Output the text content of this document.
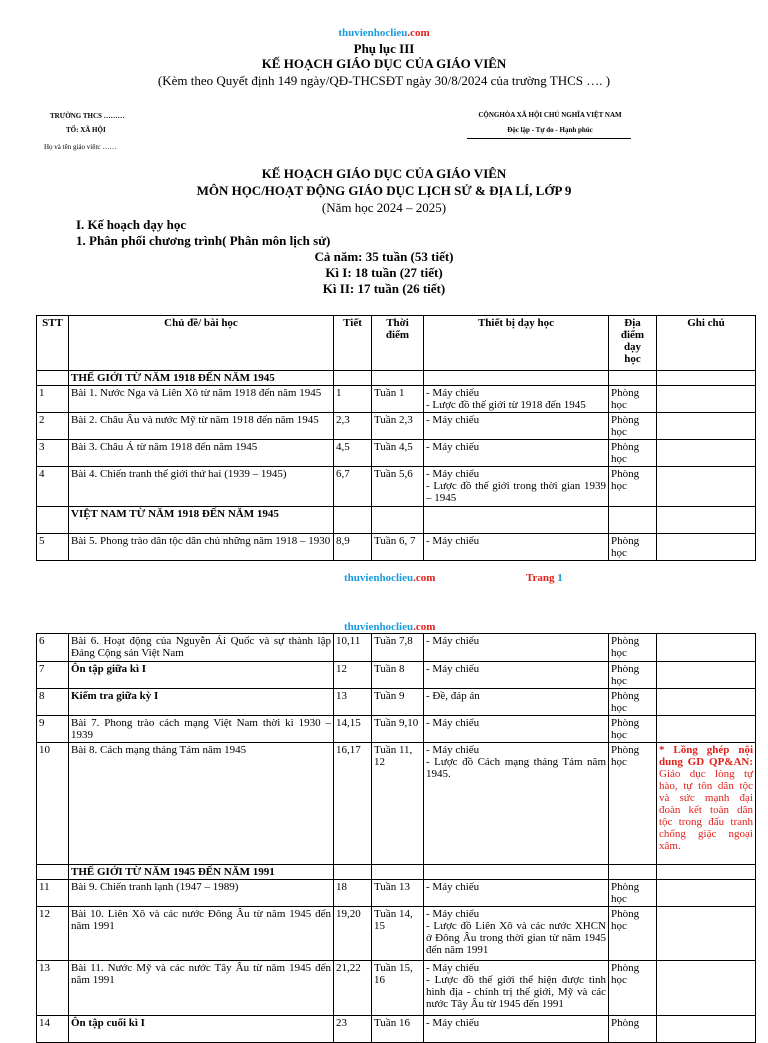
thuvienhoclieu.com
Phụ lục III
KẾ HOẠCH GIÁO DỤC CỦA GIÁO VIÊN
(Kèm theo Quyết định 149 ngày/QĐ-THCSĐT ngày 30/8/2024 của trường THCS …. )
TRƯỜNG THCS ………
TỔ: XÃ HỘI
Họ và tên giáo viên: ……
CỘNGHÒA XÃ HỘI CHỦ NGHĨA VIỆT NAM
Độc lập - Tự do - Hạnh phúc
KẾ HOẠCH GIÁO DỤC CỦA GIÁO VIÊN
MÔN HỌC/HOẠT ĐỘNG GIÁO DỤC LỊCH SỬ & ĐỊA LÍ, LỚP 9
(Năm học 2024 – 2025)
I. Kế hoạch dạy học
1. Phân phối chương trình( Phân môn lịch sử)
Cả năm: 35 tuần (53 tiết)
Kì I: 18 tuần (27 tiết)
Kì II: 17 tuần (26 tiết)
STT	Chủ đề/ bài học	Tiết	Thời
điểm	Thiết bị dạy học	Địa
điểm
dạy
học	Ghi chú
	THẾ GIỚI TỪ NĂM 1918 ĐẾN NĂM 1945					
1	Bài 1. Nước Nga và Liên Xô từ năm 1918 đến năm 1945	1	Tuần 1	- Máy chiếu
- Lược đồ thế giới từ 1918 đến 1945	Phòng học	
2	Bài 2. Châu Âu và nước Mỹ từ năm 1918 đến năm 1945	2,3	Tuần 2,3	- Máy chiếu	Phòng học	
3	Bài 3. Châu Á từ năm 1918 đến năm 1945	4,5	Tuần 4,5	- Máy chiếu	Phòng học	
4	Bài 4. Chiến tranh thế giới thứ hai (1939 – 1945)	6,7	Tuần 5,6	- Máy chiếu
- Lược đồ thế giới trong thời gian 1939 – 1945	Phòng học	
	VIỆT NAM TỪ NĂM 1918 ĐẾN NĂM 1945					
5	Bài 5. Phong trào dân tộc dân chủ những năm 1918 – 1930	8,9	Tuần 6, 7	- Máy chiếu	Phòng học	
thuvienhoclieu.com	Trang 1
thuvienhoclieu.com
6	Bài 6. Hoạt động của Nguyễn Ái Quốc và sự thành lập Đảng Cộng sản Việt Nam	10,11	Tuần 7,8	- Máy chiếu	Phòng học	
7	Ôn tập giữa kì I	12	Tuần 8	- Máy chiếu	Phòng học	
8	Kiểm tra giữa kỳ I	13	Tuần 9	- Đề, đáp án	Phòng học	
9	Bài 7. Phong trào cách mạng Việt Nam thời kì 1930 – 1939	14,15	Tuần 9,10	- Máy chiếu	Phòng học	
10	Bài 8. Cách mạng tháng Tám năm 1945	16,17	Tuần 11, 12	- Máy chiếu
- Lược đồ Cách mạng tháng Tám năm 1945.	Phòng học	* Lồng ghép nội dung GD QP&AN: Giáo dục lòng tự hào, tự tôn dân tộc và sức mạnh đại đoàn kết toàn dân tộc trong đấu tranh chống giặc ngoại xâm.
	THẾ GIỚI TỪ NĂM 1945 ĐẾN NĂM 1991					
11	Bài 9. Chiến tranh lạnh (1947 – 1989)	18	Tuần 13	- Máy chiếu	Phòng học	
12	Bài 10. Liên Xô và các nước Đông Âu từ năm 1945 đến năm 1991	19,20	Tuần 14, 15	- Máy chiếu
- Lược đồ Liên Xô và các nước XHCN ở Đông Âu trong thời gian từ năm 1945 đến năm 1991	Phòng học	
13	Bài 11. Nước Mỹ và các nước Tây Âu từ năm 1945 đến năm 1991	21,22	Tuần 15, 16	- Máy chiếu
- Lược đồ thế giới thể hiện được tình hình địa - chính trị thế giới, Mỹ và các nước Tây Âu từ 1945 đến 1991	Phòng học	
14	Ôn tập cuối kì I	23	Tuần 16	- Máy chiếu	Phòng	
